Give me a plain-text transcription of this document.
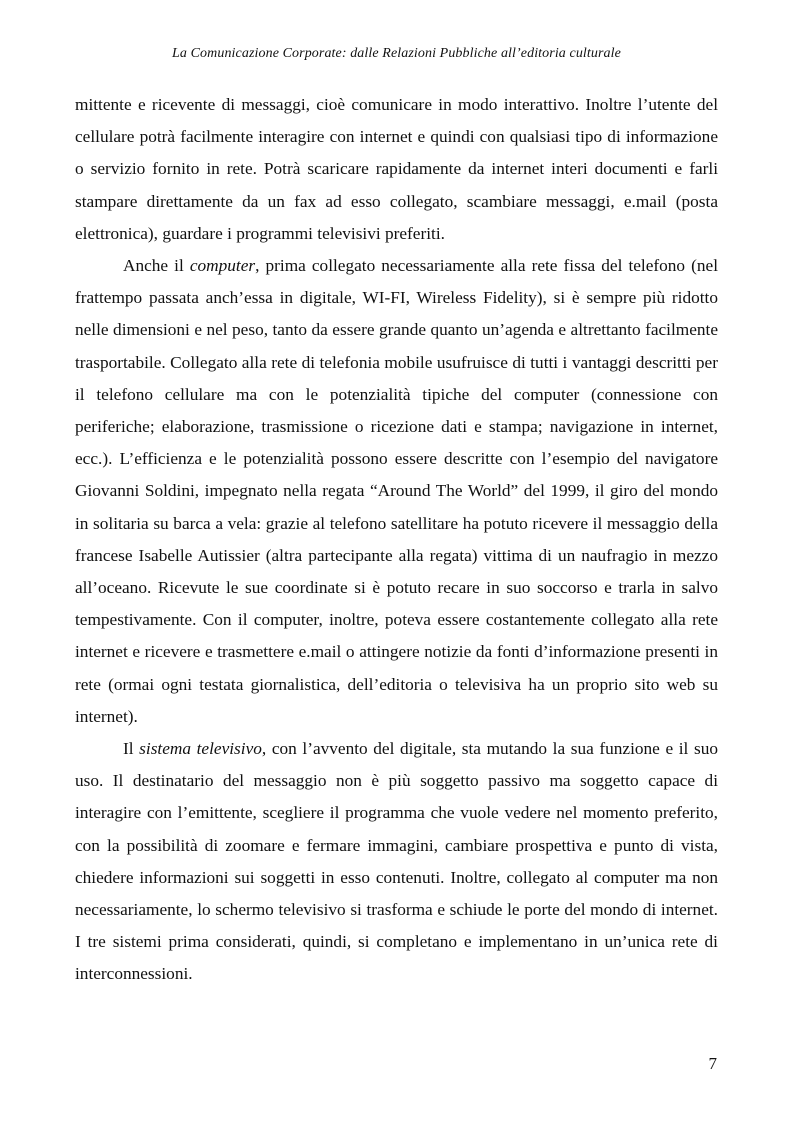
La Comunicazione Corporate: dalle Relazioni Pubbliche all’editoria culturale

mittente e ricevente di messaggi, cioè comunicare in modo interattivo. Inoltre l’utente del cellulare potrà facilmente interagire con internet e quindi con qualsiasi tipo di informazione o servizio fornito in rete. Potrà scaricare rapidamente da internet interi documenti e farli stampare direttamente da un fax ad esso collegato, scambiare messaggi, e.mail (posta elettronica), guardare i programmi televisivi preferiti.

Anche il computer, prima collegato necessariamente alla rete fissa del telefono (nel frattempo passata anch’essa in digitale, WI-FI, Wireless Fidelity), si è sempre più ridotto nelle dimensioni e nel peso, tanto da essere grande quanto un’agenda e altrettanto facilmente trasportabile. Collegato alla rete di telefonia mobile usufruisce di tutti i vantaggi descritti per il telefono cellulare ma con le potenzialità tipiche del computer (connessione con periferiche; elaborazione, trasmissione o ricezione dati e stampa; navigazione in internet, ecc.). L’efficienza e le potenzialità possono essere descritte con l’esempio del navigatore Giovanni Soldini, impegnato nella regata “Around The World” del 1999, il giro del mondo in solitaria su barca a vela: grazie al telefono satellitare ha potuto ricevere il messaggio della francese Isabelle Autissier (altra partecipante alla regata) vittima di un naufragio in mezzo all’oceano. Ricevute le sue coordinate si è potuto recare in suo soccorso e trarla in salvo tempestivamente. Con il computer, inoltre, poteva essere costantemente collegato alla rete internet e ricevere e trasmettere e.mail o attingere notizie da fonti d’informazione presenti in rete (ormai ogni testata giornalistica, dell’editoria o televisiva ha un proprio sito web su internet).

Il sistema televisivo, con l’avvento del digitale, sta mutando la sua funzione e il suo uso. Il destinatario del messaggio non è più soggetto passivo ma soggetto capace di interagire con l’emittente, scegliere il programma che vuole vedere nel momento preferito, con la possibilità di zoomare e fermare immagini, cambiare prospettiva e punto di vista, chiedere informazioni sui soggetti in esso contenuti. Inoltre, collegato al computer ma non necessariamente, lo schermo televisivo si trasforma e schiude le porte del mondo di internet. I tre sistemi prima considerati, quindi, si completano e implementano in un’unica rete di interconnessioni.

7
